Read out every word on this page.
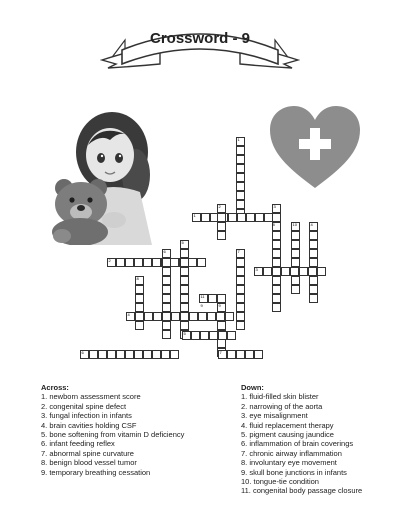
Crossword - 9
1
2	3
4
5
6	7
8
9
10
11
1
2
3
4
5
6	7
8
9
Across:
1. newborn assessment score
2. congenital spine defect
3. fungal infection in infants
4. brain cavities holding CSF
5. bone softening from vitamin D deficiency
6. infant feeding reflex
7. abnormal spine curvature
8. benign blood vessel tumor
9. temporary breathing cessation
Down:
1. fluid-filled skin blister
2. narrowing of the aorta
3. eye misalignment
4. fluid replacement therapy
5. pigment causing jaundice
6. inflammation of brain coverings
7. chronic airway inflammation
8. involuntary eye movement
9. skull bone junctions in infants
10. tongue-tie condition
11. congenital body passage closure
